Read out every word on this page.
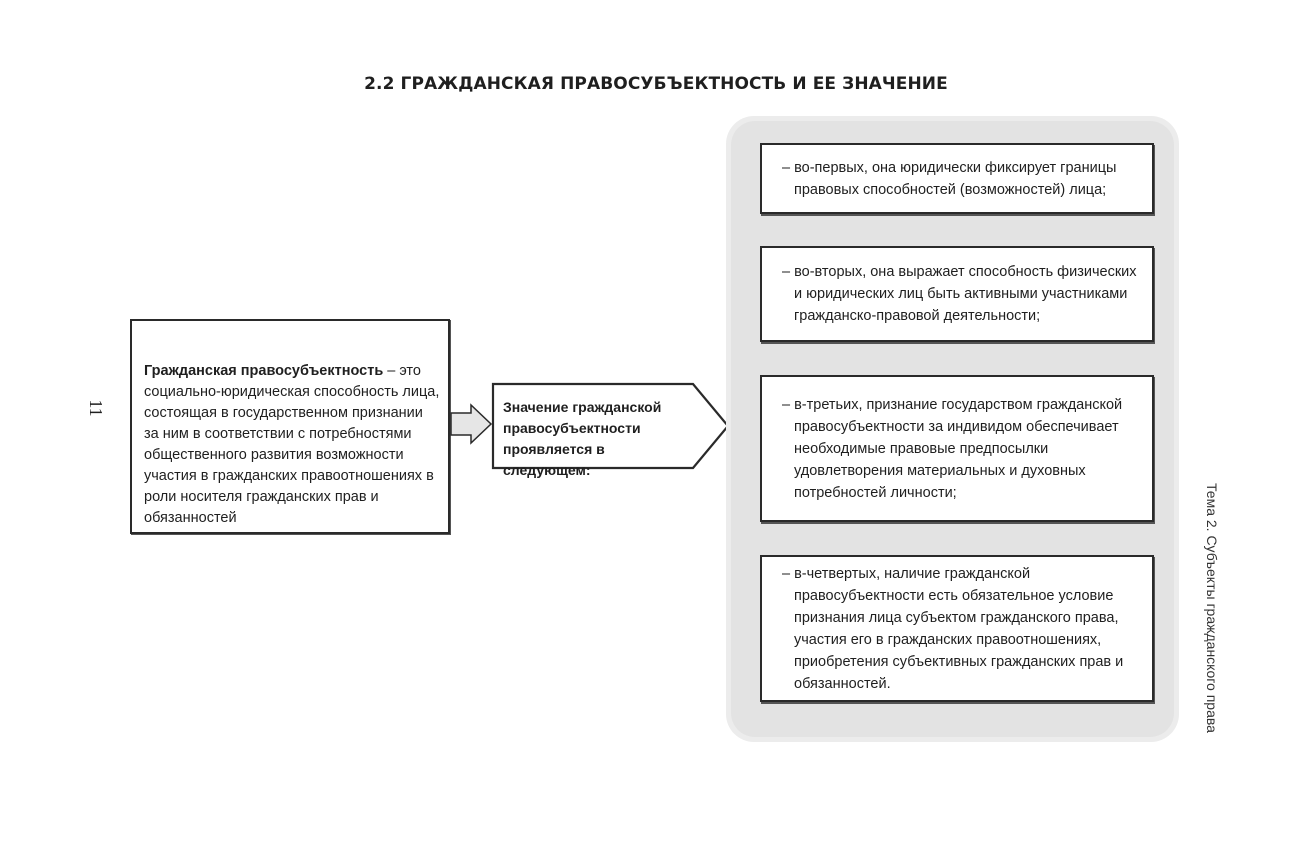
2.2 ГРАЖДАНСКАЯ ПРАВОСУБЪЕКТНОСТЬ И ЕЕ ЗНАЧЕНИЕ
11
Тема 2. Субъекты гражданского права
Гражданская правосубъектность – это социально-юридическая способность лица, состоящая в государственном признании за ним в соответствии с потребностями общественного развития возможности участия в гражданских правоотношениях в роли носителя гражданских прав и обязанностей
Значение гражданской правосубъектности проявляется в следующем:
– во-первых, она юридически фиксирует границы правовых способностей (возможностей) лица;
– во-вторых, она выражает способность физических и юридических лиц быть активными участниками гражданско-правовой деятельности;
– в-третьих, признание государством гражданской правосубъектности за индивидом обеспечивает необходимые правовые предпосылки удовлетворения материальных и духовных потребностей личности;
– в-четвертых, наличие гражданской правосубъектности есть обязательное условие признания лица субъектом гражданского права, участия его в гражданских правоотношениях, приобретения субъективных гражданских прав и обязанностей.
